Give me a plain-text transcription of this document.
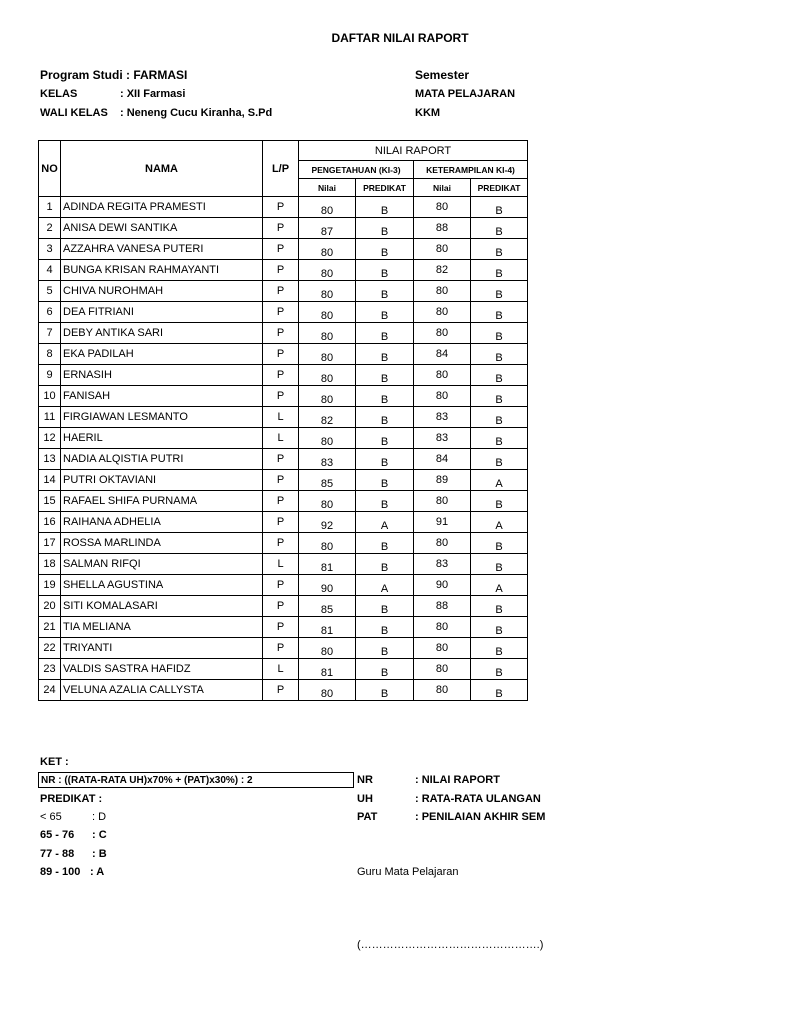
DAFTAR NILAI RAPORT
Program Studi : FARMASI
KELAS	: XII Farmasi
WALI KELAS : Neneng Cucu Kiranha, S.Pd
Semester
MATA PELAJARAN
KKM
NO	NAMA	L/P	NILAI RAPORT			
			PENGETAHUAN (KI-3)		KETERAMPILAN KI-4)	
			Nilai	PREDIKAT	Nilai	PREDIKAT
1	ADINDA REGITA PRAMESTI	P	80	B	80	B
2	ANISA DEWI SANTIKA	P	87	B	88	B
3	AZZAHRA VANESA PUTERI	P	80	B	80	B
4	BUNGA KRISAN RAHMAYANTI	P	80	B	82	B
5	CHIVA NUROHMAH	P	80	B	80	B
6	DEA FITRIANI	P	80	B	80	B
7	DEBY ANTIKA SARI	P	80	B	80	B
8	EKA PADILAH	P	80	B	84	B
9	ERNASIH	P	80	B	80	B
10	FANISAH	P	80	B	80	B
11	FIRGIAWAN LESMANTO	L	82	B	83	B
12	HAERIL	L	80	B	83	B
13	NADIA ALQISTIA PUTRI	P	83	B	84	B
14	PUTRI OKTAVIANI	P	85	B	89	A
15	RAFAEL SHIFA PURNAMA	P	80	B	80	B
16	RAIHANA ADHELIA	P	92	A	91	A
17	ROSSA MARLINDA	P	80	B	80	B
18	SALMAN RIFQI	L	81	B	83	B
19	SHELLA AGUSTINA	P	90	A	90	A
20	SITI KOMALASARI	P	85	B	88	B
21	TIA MELIANA	P	81	B	80	B
22	TRIYANTI	P	80	B	80	B
23	VALDIS SASTRA HAFIDZ	L	81	B	80	B
24	VELUNA AZALIA CALLYSTA	P	80	B	80	B
KET :
NR : ((RATA-RATA UH)x70% + (PAT)x30%) : 2
PREDIKAT :
< 65	: D
65 - 76 : C
77 - 88 : B
89 - 100 : A
NR	: NILAI RAPORT
UH	: RATA-RATA ULANGAN
PAT	: PENILAIAN AKHIR SEM
Guru Mata Pelajaran
(………………………………………….)
